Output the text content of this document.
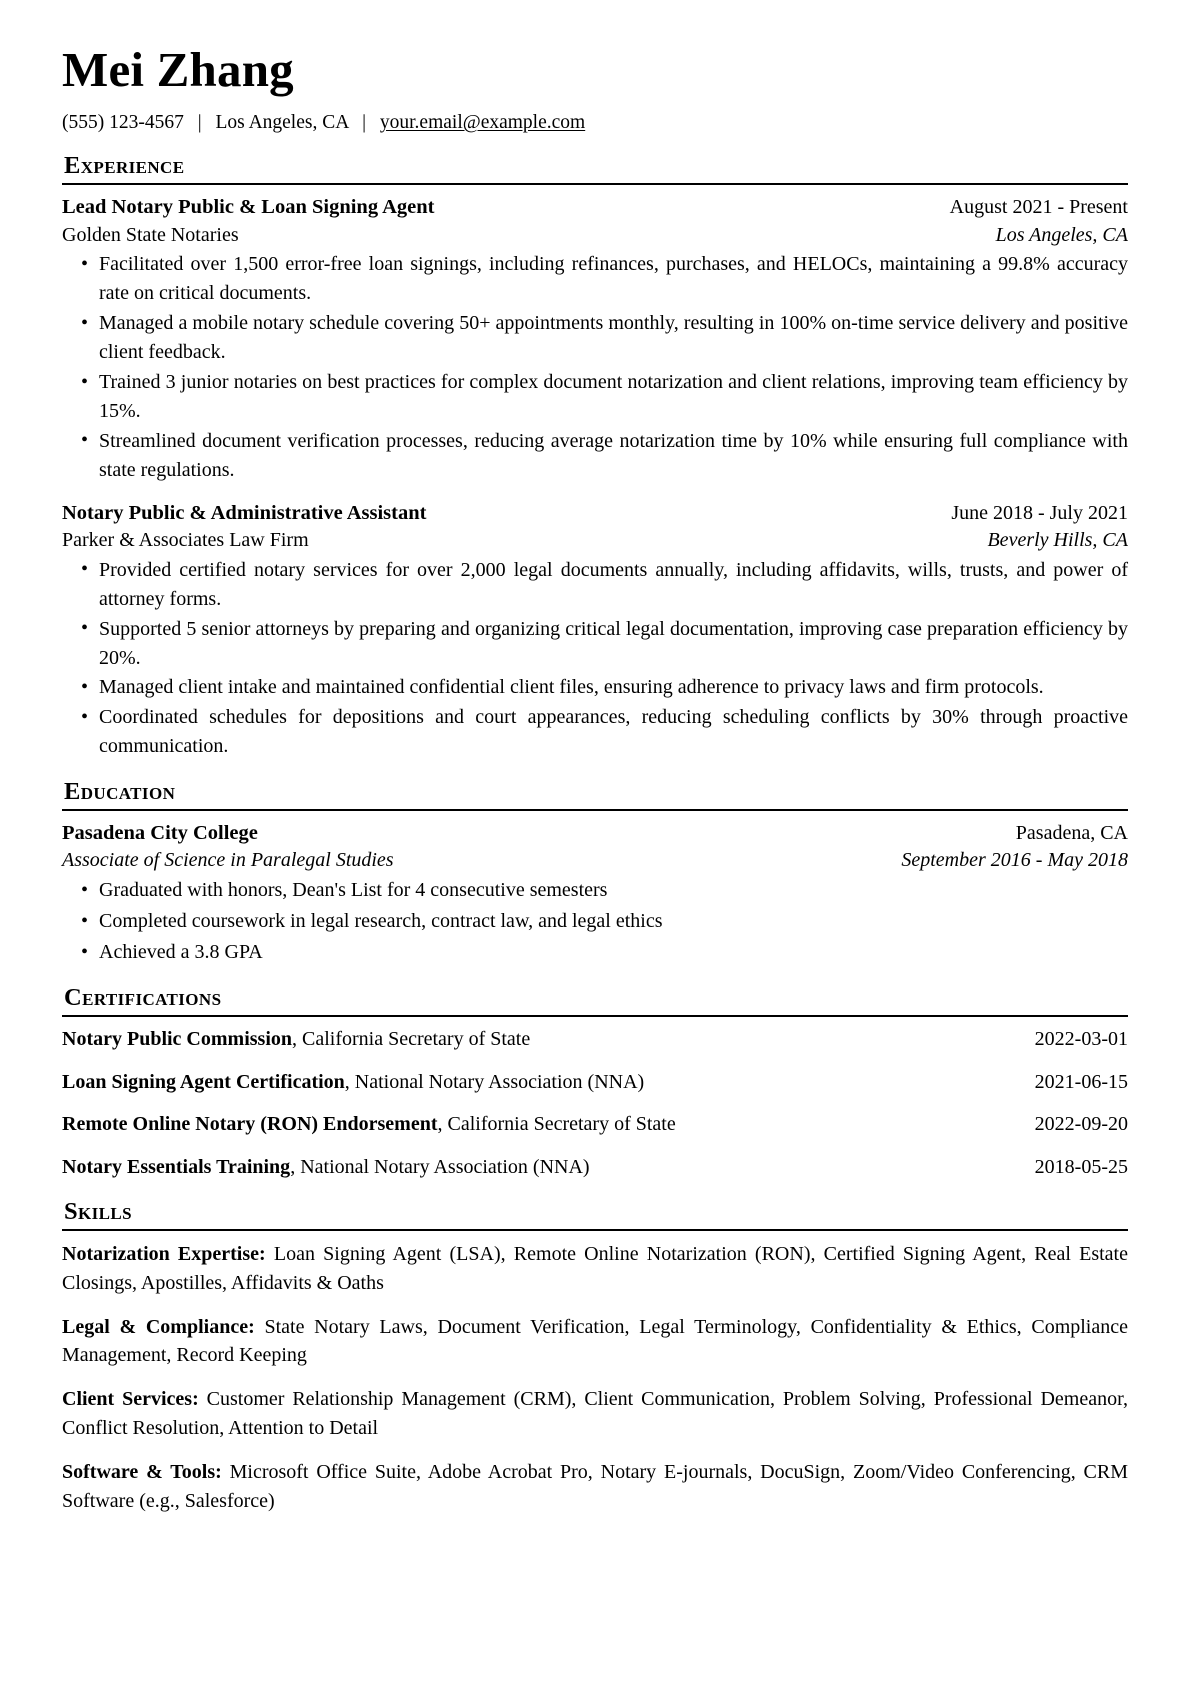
Mei Zhang
(555) 123-4567 | Los Angeles, CA | your.email@example.com
Experience
Lead Notary Public & Loan Signing Agent	August 2021 - Present
Golden State Notaries	Los Angeles, CA
• Facilitated over 1,500 error-free loan signings, including refinances, purchases, and HELOCs, maintaining a 99.8% accuracy rate on critical documents.
• Managed a mobile notary schedule covering 50+ appointments monthly, resulting in 100% on-time service delivery and positive client feedback.
• Trained 3 junior notaries on best practices for complex document notarization and client relations, improving team efficiency by 15%.
• Streamlined document verification processes, reducing average notarization time by 10% while ensuring full compliance with state regulations.
Notary Public & Administrative Assistant	June 2018 - July 2021
Parker & Associates Law Firm	Beverly Hills, CA
• Provided certified notary services for over 2,000 legal documents annually, including affidavits, wills, trusts, and power of attorney forms.
• Supported 5 senior attorneys by preparing and organizing critical legal documentation, improving case preparation efficiency by 20%.
• Managed client intake and maintained confidential client files, ensuring adherence to privacy laws and firm protocols.
• Coordinated schedules for depositions and court appearances, reducing scheduling conflicts by 30% through proactive communication.
Education
Pasadena City College	Pasadena, CA
Associate of Science in Paralegal Studies	September 2016 - May 2018
• Graduated with honors, Dean's List for 4 consecutive semesters
• Completed coursework in legal research, contract law, and legal ethics
• Achieved a 3.8 GPA
Certifications
Notary Public Commission, California Secretary of State	2022-03-01
Loan Signing Agent Certification, National Notary Association (NNA)	2021-06-15
Remote Online Notary (RON) Endorsement, California Secretary of State	2022-09-20
Notary Essentials Training, National Notary Association (NNA)	2018-05-25
Skills
Notarization Expertise: Loan Signing Agent (LSA), Remote Online Notarization (RON), Certified Signing Agent, Real Estate Closings, Apostilles, Affidavits & Oaths
Legal & Compliance: State Notary Laws, Document Verification, Legal Terminology, Confidentiality & Ethics, Compliance Management, Record Keeping
Client Services: Customer Relationship Management (CRM), Client Communication, Problem Solving, Professional Demeanor, Conflict Resolution, Attention to Detail
Software & Tools: Microsoft Office Suite, Adobe Acrobat Pro, Notary E-journals, DocuSign, Zoom/Video Conferencing, CRM Software (e.g., Salesforce)
